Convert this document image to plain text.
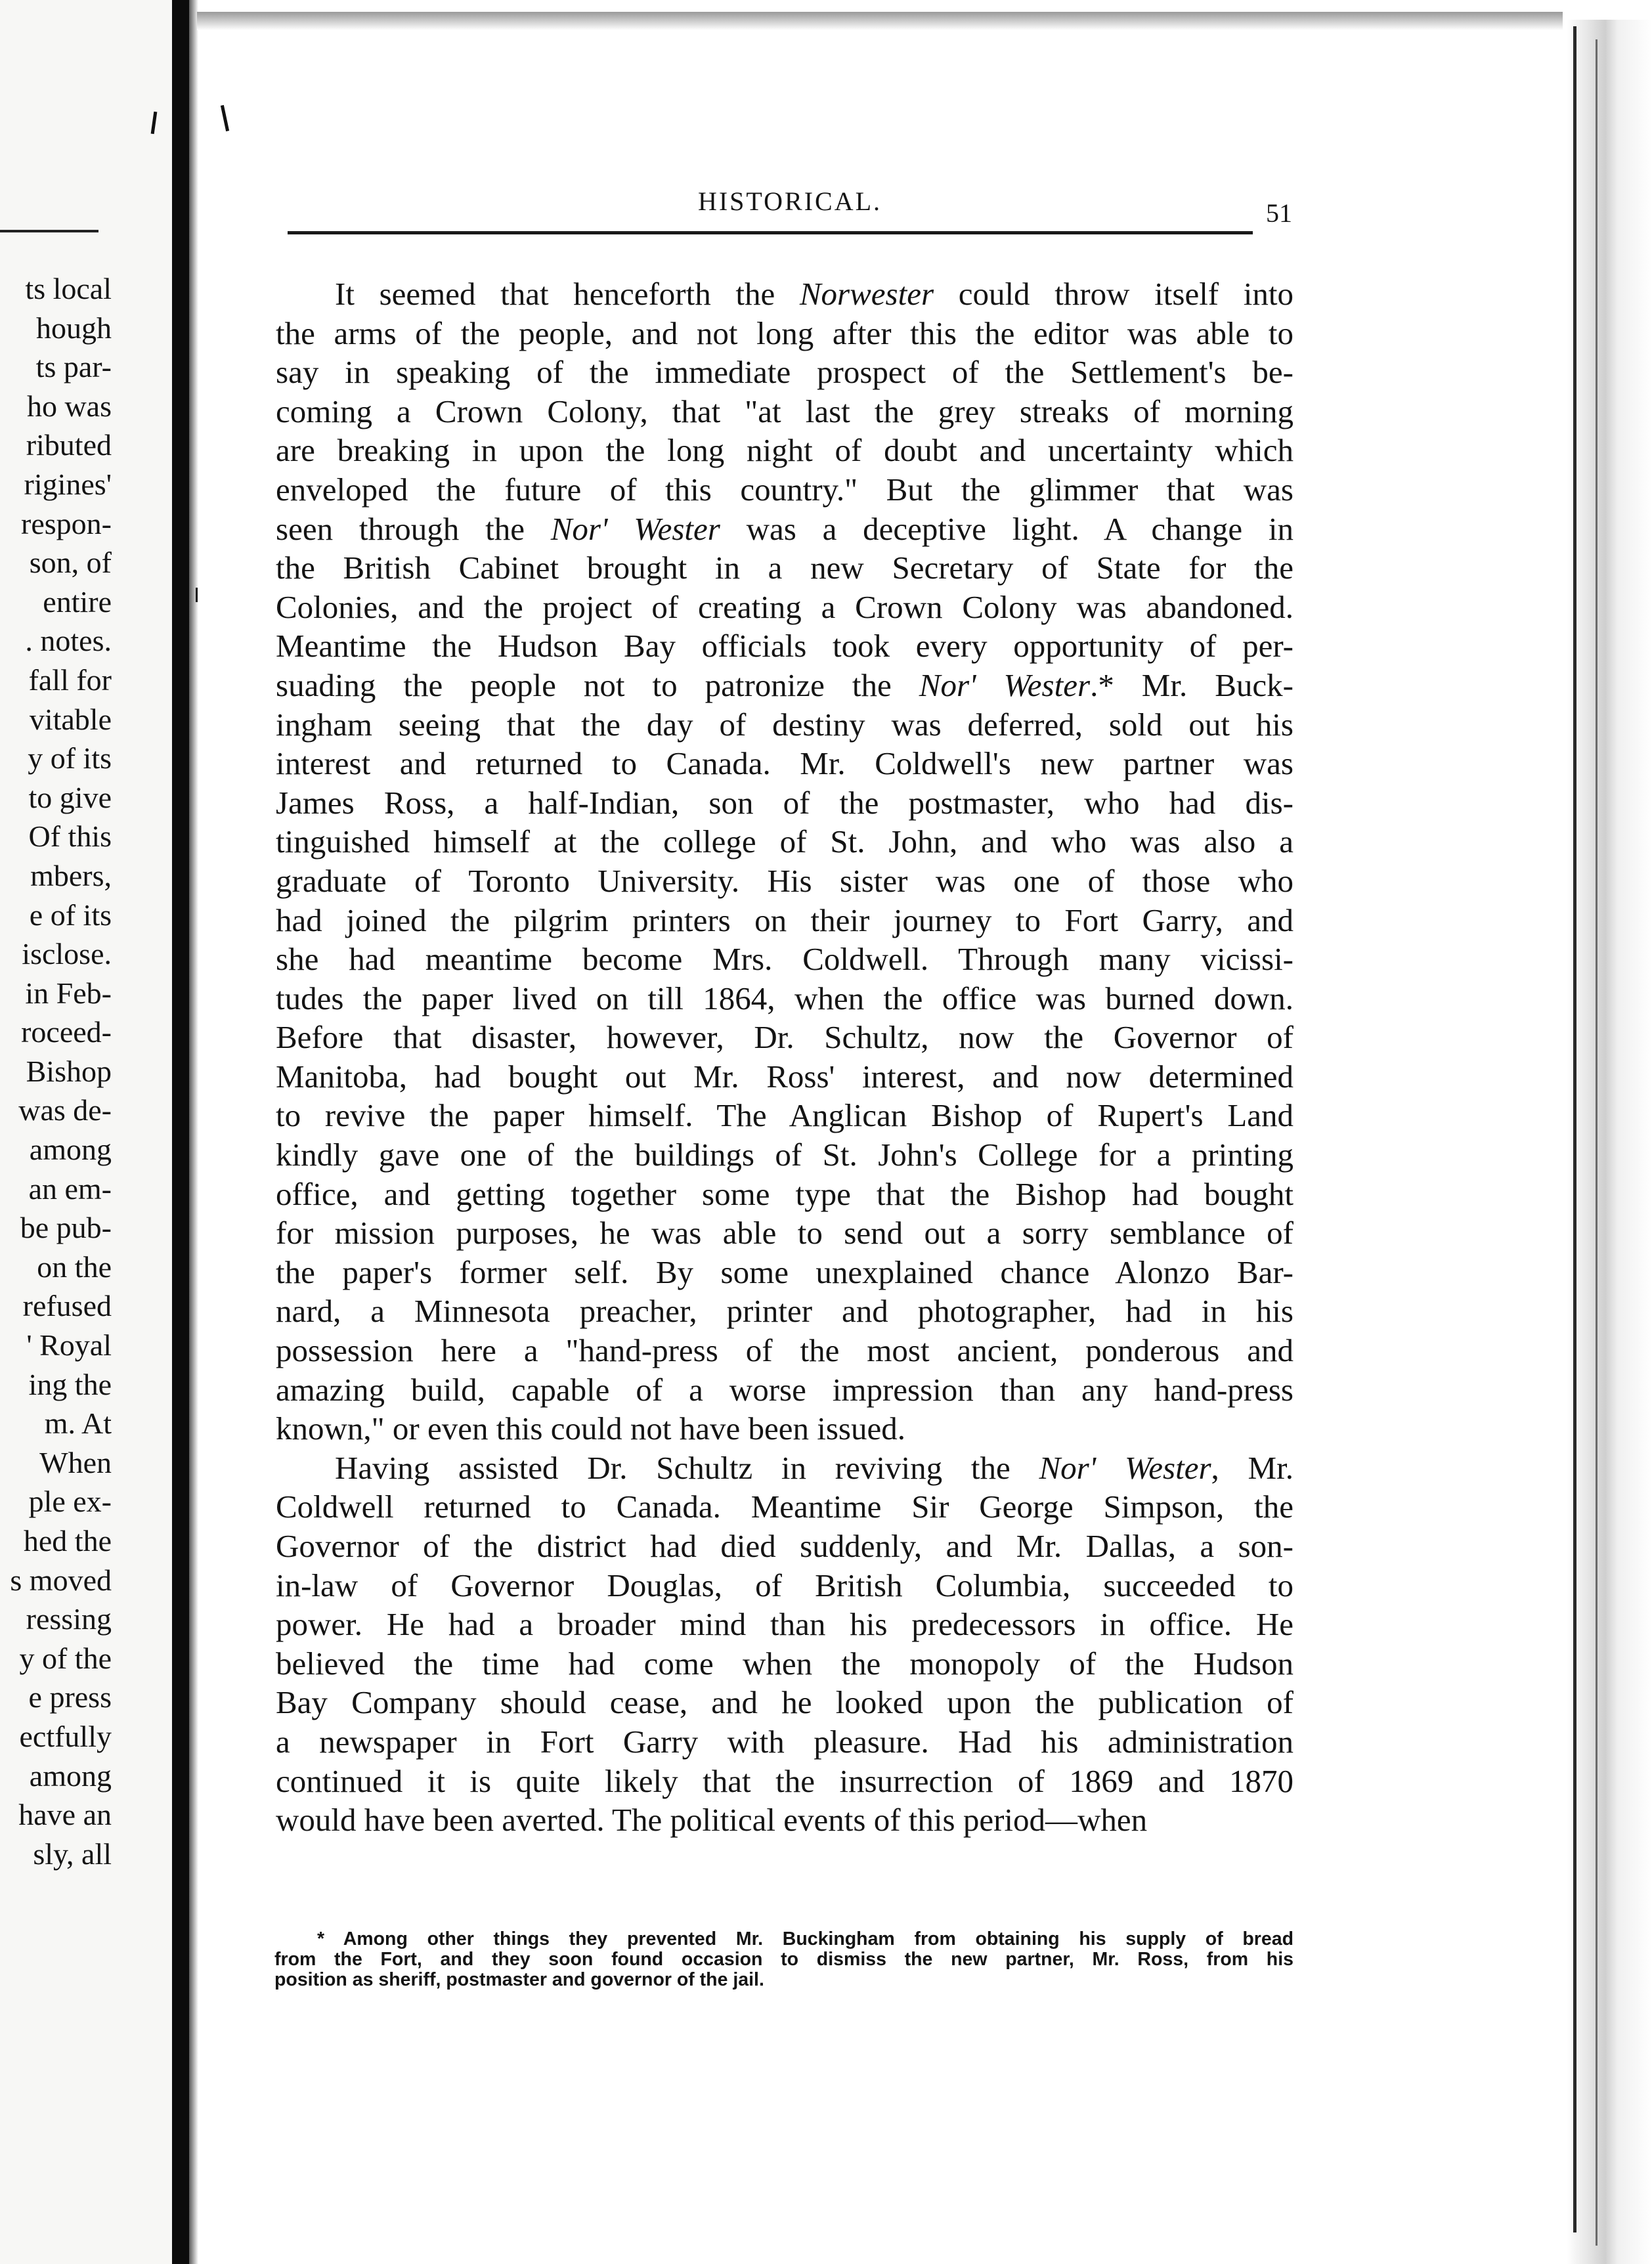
ts local
hough
ts par-
ho was
ributed
rigines'
respon-
son, of
entire
. notes.
fall for
vitable
y of its
to give
Of this
mbers,
e of its
isclose.
in Feb-
roceed-
Bishop
was de-
among
an em-
be pub-
on the
refused
' Royal
ing the
m. At
When
ple ex-
hed the
s moved
ressing
y of the
e press
ectfully
among
have an
sly, all
HISTORICAL.	51
It seemed that henceforth the Norwester could throw itself into
the arms of the people, and not long after this the editor was able to
say in speaking of the immediate prospect of the Settlement's be-
coming a Crown Colony, that "at last the grey streaks of morning
are breaking in upon the long night of doubt and uncertainty which
enveloped the future of this country." But the glimmer that was
seen through the Nor' Wester was a deceptive light. A change in
the British Cabinet brought in a new Secretary of State for the
Colonies, and the project of creating a Crown Colony was abandoned.
Meantime the Hudson Bay officials took every opportunity of per-
suading the people not to patronize the Nor' Wester.* Mr. Buck-
ingham seeing that the day of destiny was deferred, sold out his
interest and returned to Canada. Mr. Coldwell's new partner was
James Ross, a half-Indian, son of the postmaster, who had dis-
tinguished himself at the college of St. John, and who was also a
graduate of Toronto University. His sister was one of those who
had joined the pilgrim printers on their journey to Fort Garry, and
she had meantime become Mrs. Coldwell. Through many vicissi-
tudes the paper lived on till 1864, when the office was burned down.
Before that disaster, however, Dr. Schultz, now the Governor of
Manitoba, had bought out Mr. Ross' interest, and now determined
to revive the paper himself. The Anglican Bishop of Rupert's Land
kindly gave one of the buildings of St. John's College for a printing
office, and getting together some type that the Bishop had bought
for mission purposes, he was able to send out a sorry semblance of
the paper's former self. By some unexplained chance Alonzo Bar-
nard, a Minnesota preacher, printer and photographer, had in his
possession here a "hand-press of the most ancient, ponderous and
amazing build, capable of a worse impression than any hand-press
known," or even this could not have been issued.
Having assisted Dr. Schultz in reviving the Nor' Wester, Mr.
Coldwell returned to Canada. Meantime Sir George Simpson, the
Governor of the district had died suddenly, and Mr. Dallas, a son-
in-law of Governor Douglas, of British Columbia, succeeded to
power. He had a broader mind than his predecessors in office. He
believed the time had come when the monopoly of the Hudson
Bay Company should cease, and he looked upon the publication of
a newspaper in Fort Garry with pleasure. Had his administration
continued it is quite likely that the insurrection of 1869 and 1870
would have been averted. The political events of this period—when
* Among other things they prevented Mr. Buckingham from obtaining his supply of bread
from the Fort, and they soon found occasion to dismiss the new partner, Mr. Ross, from his
position as sheriff, postmaster and governor of the jail.
